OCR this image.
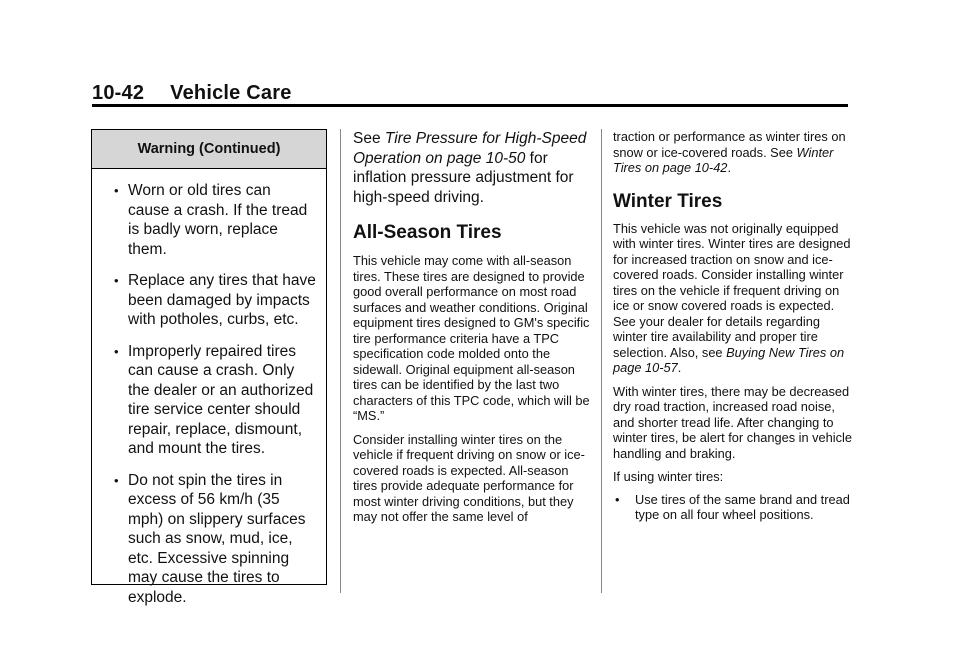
10-42 Vehicle Care
Warning (Continued)
• Worn or old tires can cause a crash. If the tread is badly worn, replace them.
• Replace any tires that have been damaged by impacts with potholes, curbs, etc.
• Improperly repaired tires can cause a crash. Only the dealer or an authorized tire service center should repair, replace, dismount, and mount the tires.
• Do not spin the tires in excess of 56 km/h (35 mph) on slippery surfaces such as snow, mud, ice, etc. Excessive spinning may cause the tires to explode.

See Tire Pressure for High-Speed Operation on page 10-50 for inflation pressure adjustment for high-speed driving.

All-Season Tires

This vehicle may come with all-season tires. These tires are designed to provide good overall performance on most road surfaces and weather conditions. Original equipment tires designed to GM's specific tire performance criteria have a TPC specification code molded onto the sidewall. Original equipment all-season tires can be identified by the last two characters of this TPC code, which will be “MS.”

Consider installing winter tires on the vehicle if frequent driving on snow or ice-covered roads is expected. All-season tires provide adequate performance for most winter driving conditions, but they may not offer the same level of

traction or performance as winter tires on snow or ice-covered roads. See Winter Tires on page 10-42.

Winter Tires

This vehicle was not originally equipped with winter tires. Winter tires are designed for increased traction on snow and ice-covered roads. Consider installing winter tires on the vehicle if frequent driving on ice or snow covered roads is expected. See your dealer for details regarding winter tire availability and proper tire selection. Also, see Buying New Tires on page 10-57.

With winter tires, there may be decreased dry road traction, increased road noise, and shorter tread life. After changing to winter tires, be alert for changes in vehicle handling and braking.

If using winter tires:

• Use tires of the same brand and tread type on all four wheel positions.
